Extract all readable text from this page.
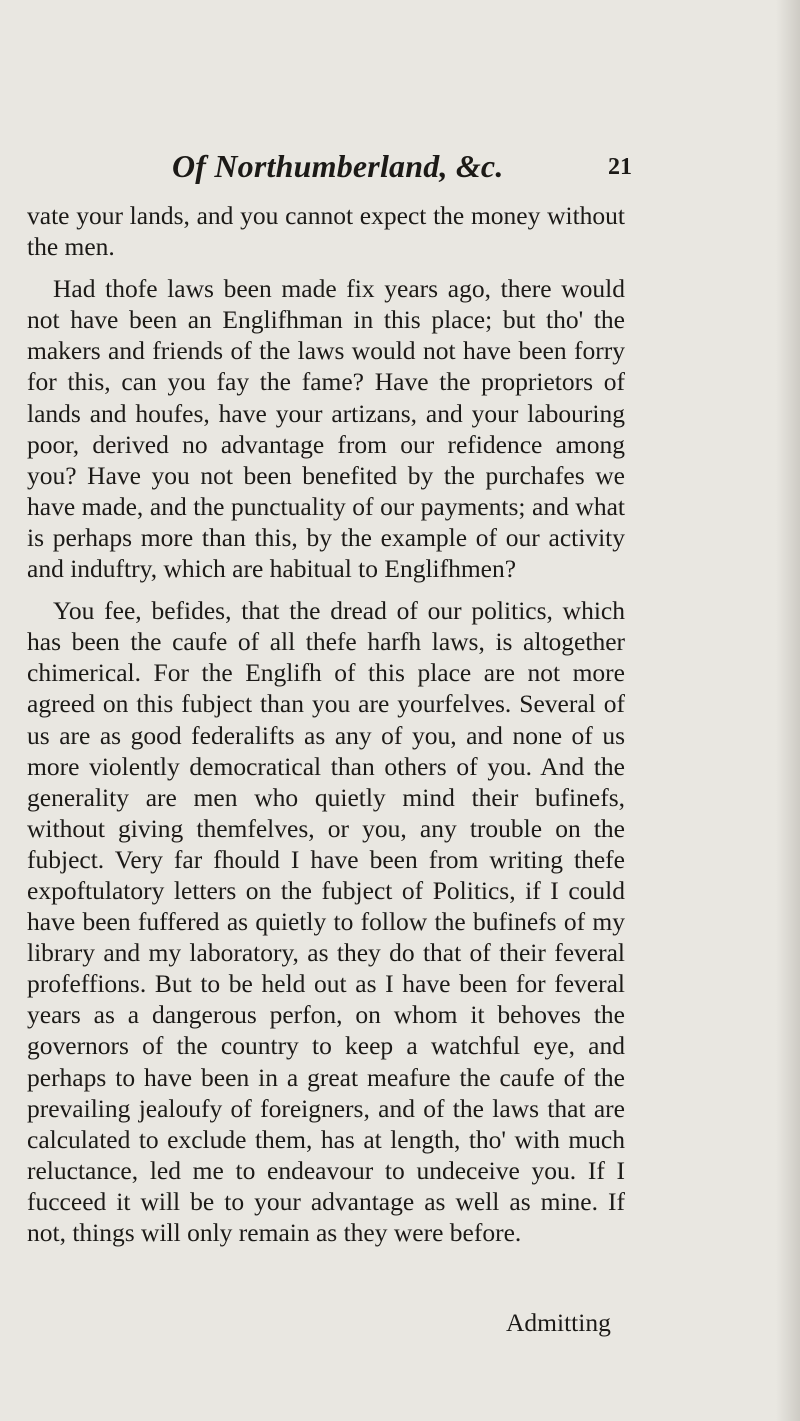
Of Northumberland, &c.	21

vate your lands, and you cannot expect the money without the men.

Had thofe laws been made fix years ago, there would not have been an Englifhman in this place; but tho' the makers and friends of the laws would not have been forry for this, can you fay the fame? Have the proprietors of lands and houfes, have your artizans, and your labouring poor, derived no advantage from our refidence among you? Have you not been benefited by the purchafes we have made, and the punctuality of our payments; and what is perhaps more than this, by the example of our activity and induftry, which are habitual to Englifhmen?

You fee, befides, that the dread of our politics, which has been the caufe of all thefe harfh laws, is altogether chimerical. For the Englifh of this place are not more agreed on this fubject than you are yourfelves. Several of us are as good federalifts as any of you, and none of us more violently democratical than others of you. And the generality are men who quietly mind their bufinefs, without giving themfelves, or you, any trouble on the fubject. Very far fhould I have been from writing thefe expoftulatory letters on the fubject of Politics, if I could have been fuffered as quietly to follow the bufinefs of my library and my laboratory, as they do that of their feveral profeffions. But to be held out as I have been for feveral years as a dangerous perfon, on whom it behoves the governors of the country to keep a watchful eye, and perhaps to have been in a great meafure the caufe of the prevailing jealoufy of foreigners, and of the laws that are calculated to exclude them, has at length, tho' with much reluctance, led me to endeavour to undeceive you. If I fucceed it will be to your advantage as well as mine. If not, things will only remain as they were before.

Admitting
